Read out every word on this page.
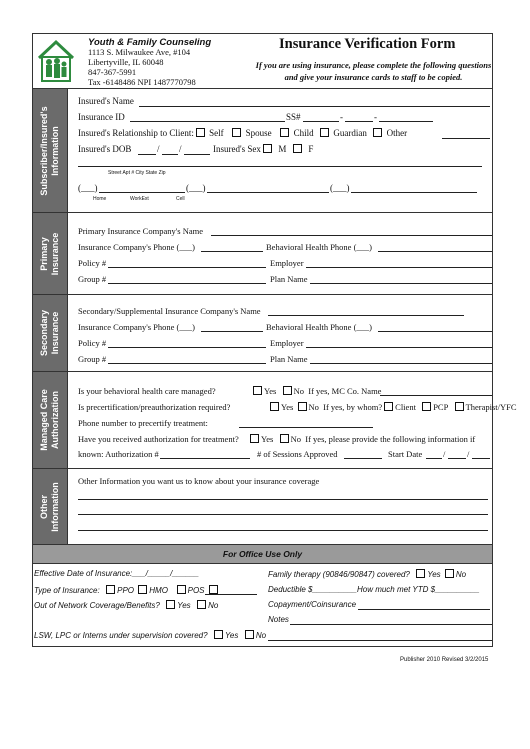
Youth & Family Counseling
1113 S. Milwaukee Ave, #104
Libertyville, IL 60048
847-367-5991
Tax -6148486 NPI 1487770798
Insurance Verification Form
If you are using insurance, please complete the following questions
and give your insurance cards to staff to be copied.
Subscriber/Insured's Information
Primary Insurance
Secondary Insurance
Managed Care Authorization
Other Information
Insured's Name
Insurance ID	SS#	-	-
Insured's Relationship to Client: Self Spouse Child Guardian Other
Insured's DOB	/ /	Insured's Sex M F
Street Apt # City State Zip
(___)	(___)	(___)
Home	WorkExt	Cell
Primary Insurance Company's Name
Insurance Company's Phone (___)	Behavioral Health Phone (___)
Policy #	Employer
Group #	Plan Name
Secondary/Supplemental Insurance Company's Name
Insurance Company's Phone (___)	Behavioral Health Phone (___)
Policy #	Employer
Group #	Plan Name
Is your behavioral health care managed?	Yes No If yes, MC Co. Name
Is precertification/preauthorization required?	Yes No If yes, by whom? Client PCP Therapist/YFC
Phone number to precertify treatment:
Have you received authorization for treatment?	Yes No If yes, please provide the following information if
known: Authorization #	# of Sessions Approved	Start Date /	/
Other Information you want us to know about your insurance coverage
For Office Use Only
Effective Date of Insurance:___/_____/______	Family therapy (90846/90847) covered? Yes No
Type of Insurance: PPO HMO POS	Deductible $__________How much met YTD $__________
Out of Network Coverage/Benefits? Yes No	Copayment/Coinsurance
Notes
LSW, LPC or Interns under supervision covered? Yes No
Publisher 2010 Revised 3/2/2015
